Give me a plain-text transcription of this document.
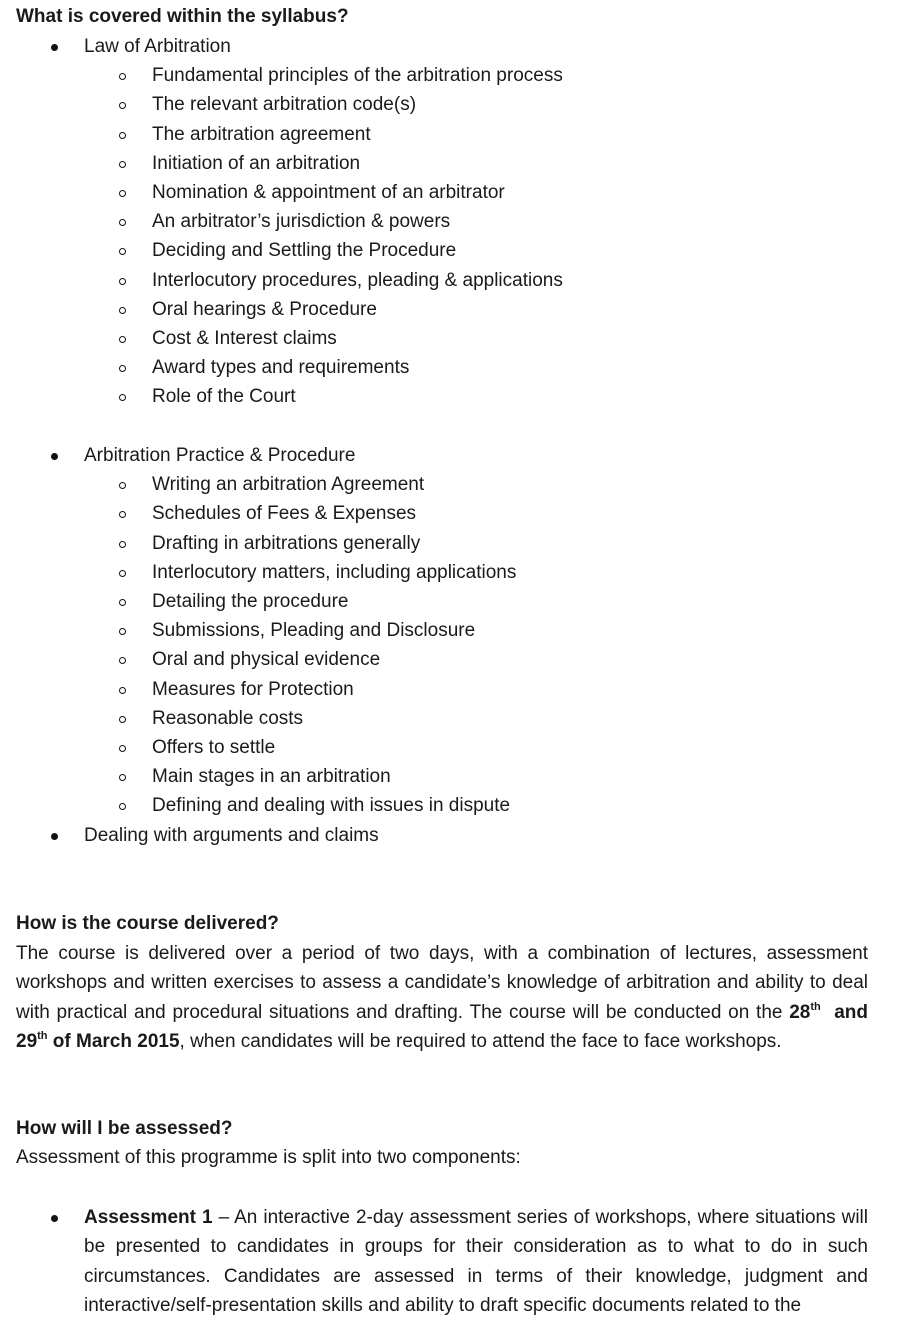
What is covered within the syllabus?
Law of Arbitration
Fundamental principles of the arbitration process
The relevant arbitration code(s)
The arbitration agreement
Initiation of an arbitration
Nomination & appointment of an arbitrator
An arbitrator’s jurisdiction & powers
Deciding and Settling the Procedure
Interlocutory procedures, pleading & applications
Oral hearings & Procedure
Cost & Interest claims
Award types and requirements
Role of the Court
Arbitration Practice & Procedure
Writing an arbitration Agreement
Schedules of Fees & Expenses
Drafting in arbitrations generally
Interlocutory matters, including applications
Detailing the procedure
Submissions, Pleading and Disclosure
Oral and physical evidence
Measures for Protection
Reasonable costs
Offers to settle
Main stages in an arbitration
Defining and dealing with issues in dispute
Dealing with arguments and claims
How is the course delivered?
The course is delivered over a period of two days, with a combination of lectures, assessment workshops and written exercises to assess a candidate’s knowledge of arbitration and ability to deal with practical and procedural situations and drafting. The course will be conducted on the 28th  and 29th of March 2015, when candidates will be required to attend the face to face workshops.
How will I be assessed?
Assessment of this programme is split into two components:
Assessment 1 – An interactive 2-day assessment series of workshops, where situations will be presented to candidates in groups for their consideration as to what to do in such circumstances. Candidates are assessed in terms of their knowledge, judgment and interactive/self-presentation skills and ability to draft specific documents related to the
